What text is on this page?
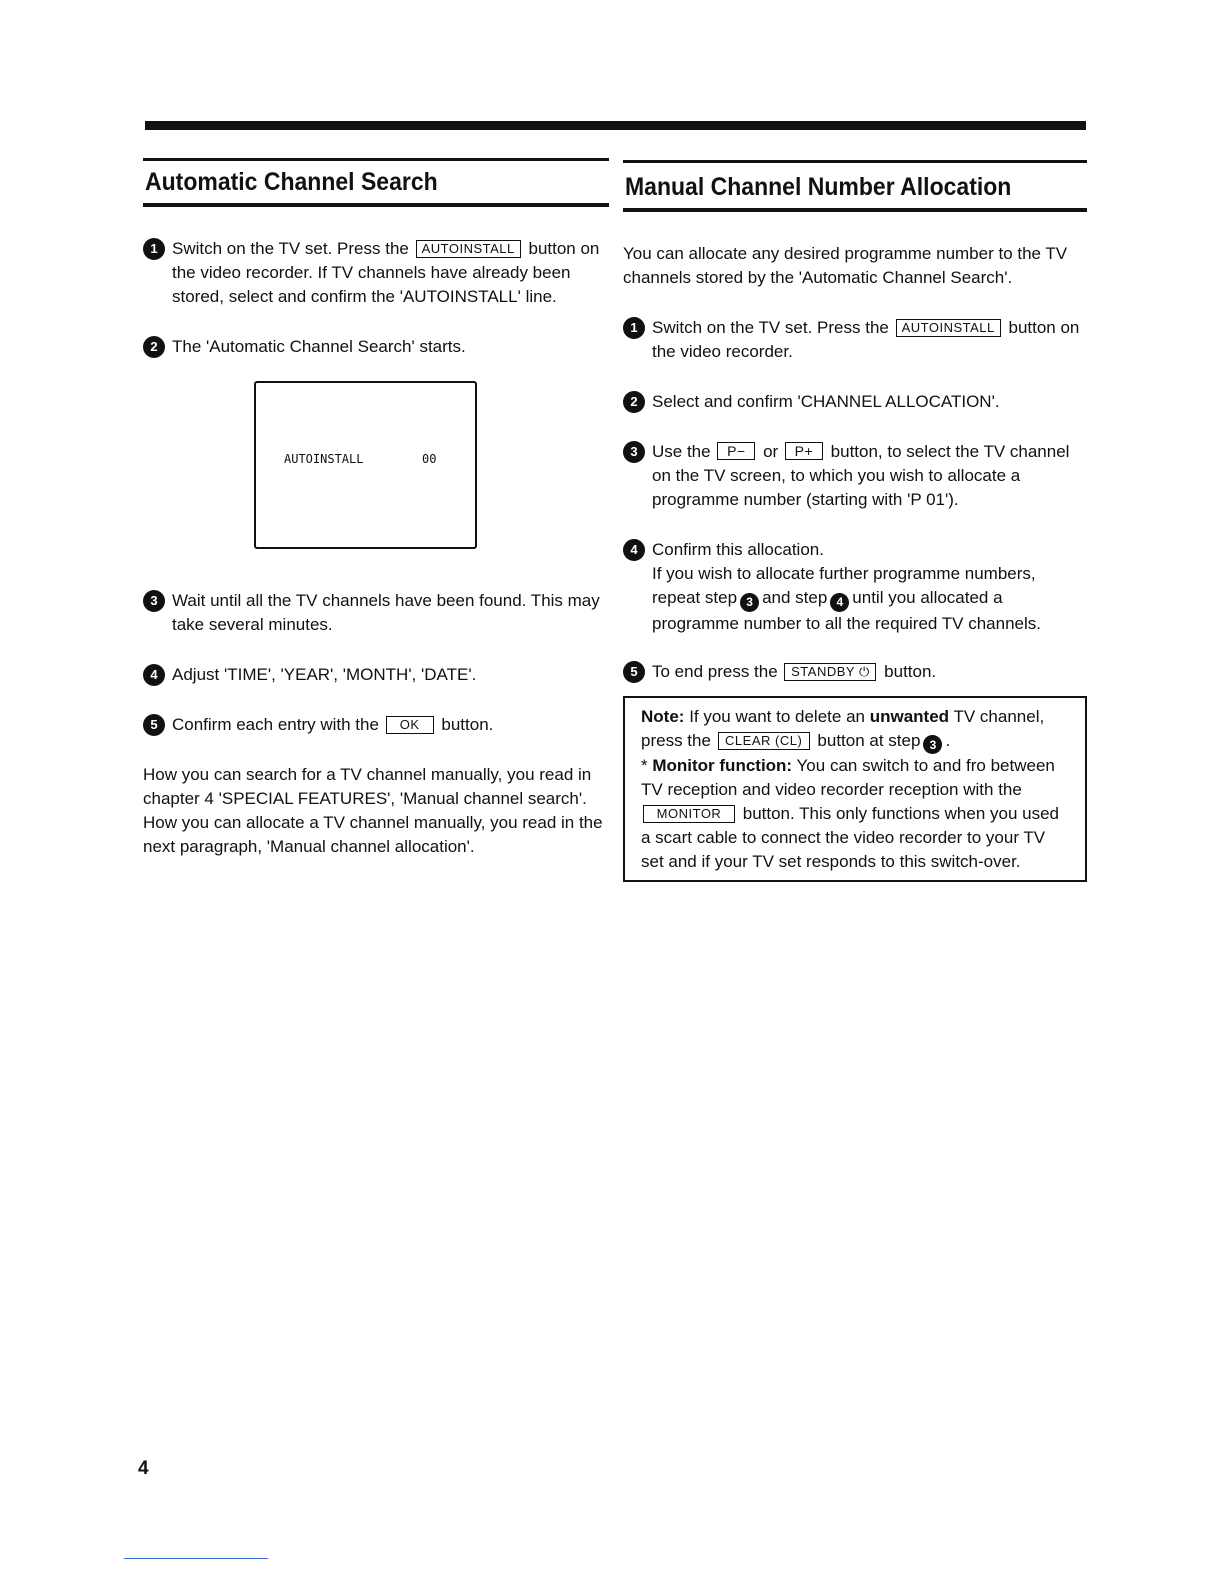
Automatic Channel Search
1 Switch on the TV set. Press the AUTOINSTALL button on the video recorder. If TV channels have already been stored, select and confirm the 'AUTOINSTALL' line.
2 The 'Automatic Channel Search' starts.
AUTOINSTALL	00
3 Wait until all the TV channels have been found. This may take several minutes.
4 Adjust 'TIME', 'YEAR', 'MONTH', 'DATE'.
5 Confirm each entry with the OK button.

How you can search for a TV channel manually, you read in chapter 4 'SPECIAL FEATURES', 'Manual channel search'. How you can allocate a TV channel manually, you read in the next paragraph, 'Manual channel allocation'.

Manual Channel Number Allocation

You can allocate any desired programme number to the TV channels stored by the 'Automatic Channel Search'.

1 Switch on the TV set. Press the AUTOINSTALL button on the video recorder.
2 Select and confirm 'CHANNEL ALLOCATION'.
3 Use the P− or P+ button, to select the TV channel on the TV screen, to which you wish to allocate a programme number (starting with 'P 01').
4 Confirm this allocation.
If you wish to allocate further programme numbers, repeat step 3 and step 4 until you allocated a programme number to all the required TV channels.
5 To end press the STANDBY ⏻ button.
Note: If you want to delete an unwanted TV channel, press the CLEAR (CL) button at step 3 .
* Monitor function: You can switch to and fro between TV reception and video recorder reception with the MONITOR button. This only functions when you used a scart cable to connect the video recorder to your TV set and if your TV set responds to this switch-over.
4
